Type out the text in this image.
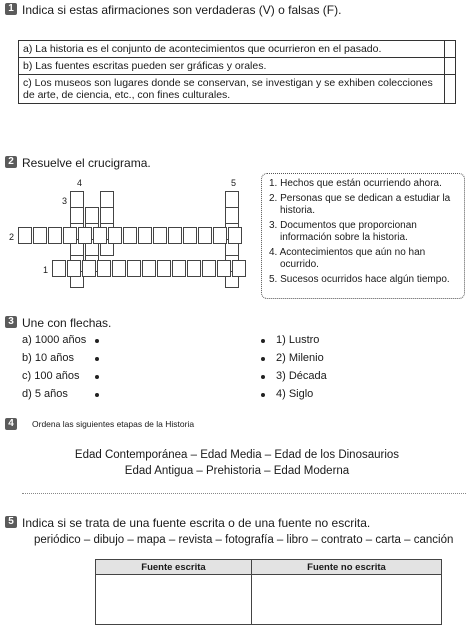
1 Indica si estas afirmaciones son verdaderas (V) o falsas (F).
a) La historia es el conjunto de acontecimientos que ocurrieron en el pasado.	
b) Las fuentes escritas pueden ser gráficas y orales.	
c) Los museos son lugares donde se conservan, se investigan y se exhiben colecciones de arte, de ciencia, etc., con fines culturales.	
2 Resuelve el crucigrama.
4	5
3
2
1
1. Hechos que están ocurriendo ahora.
2. Personas que se dedican a estudiar la
historia.
3. Documentos que proporcionan
información sobre la historia.
4. Acontecimientos que aún no han
ocurrido.
5. Sucesos ocurridos hace algún tiempo.
3 Une con flechas.
a) 1000 años
b) 10 años
c) 100 años
d) 5 años
1) Lustro
2) Milenio
3) Década
4) Siglo
4	Ordena las siguientes etapas de la Historia
Edad Contemporánea – Edad Media – Edad de los Dinosaurios
Edad Antigua – Prehistoria – Edad Moderna
5 Indica si se trata de una fuente escrita o de una fuente no escrita.
periódico – dibujo – mapa – revista – fotografía – libro – contrato – carta – canción
Fuente escrita	Fuente no escrita
